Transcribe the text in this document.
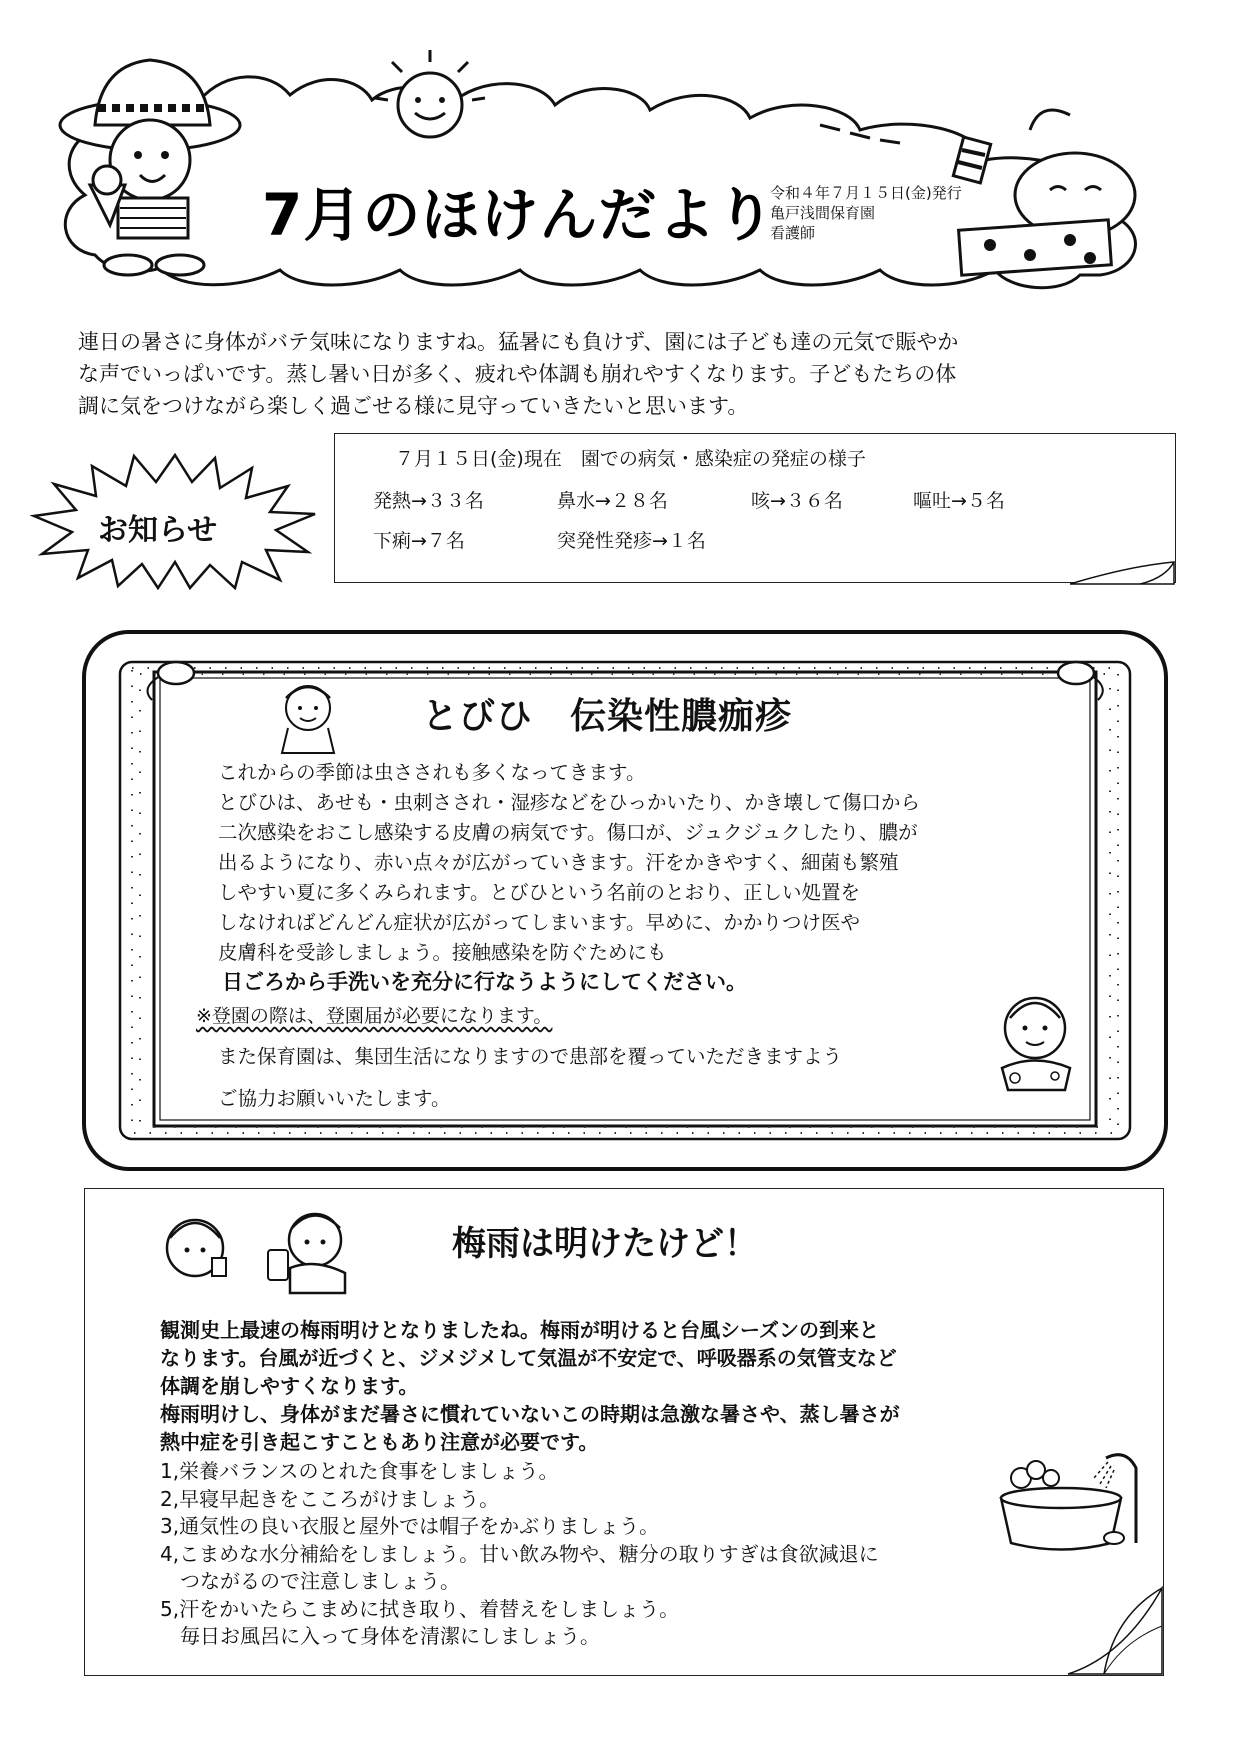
7月のほけんだより
令和４年７月１５日(金)発行
亀戸浅間保育園
看護師
連日の暑さに身体がバテ気味になりますね。猛暑にも負けず、園には子ども達の元気で賑やか
な声でいっぱいです。蒸し暑い日が多く、疲れや体調も崩れやすくなります。子どもたちの体
調に気をつけながら楽しく過ごせる様に見守っていきたいと思います。
お知らせ
７月１５日(金)現在　園での病気・感染症の発症の様子
発熱→３３名	鼻水→２８名	咳→３６名	嘔吐→５名
下痢→７名	突発性発疹→１名
とびひ　伝染性膿痂疹
これからの季節は虫さされも多くなってきます。
とびひは、あせも・虫刺さされ・湿疹などをひっかいたり、かき壊して傷口から
二次感染をおこし感染する皮膚の病気です。傷口が、ジュクジュクしたり、膿が
出るようになり、赤い点々が広がっていきます。汗をかきやすく、細菌も繁殖
しやすい夏に多くみられます。とびひという名前のとおり、正しい処置を
しなければどんどん症状が広がってしまいます。早めに、かかりつけ医や
皮膚科を受診しましょう。接触感染を防ぐためにも
日ごろから手洗いを充分に行なうようにしてください。
※登園の際は、登園届が必要になります。
また保育園は、集団生活になりますので患部を覆っていただきますよう
ご協力お願いいたします。
梅雨は明けたけど！
観測史上最速の梅雨明けとなりましたね。梅雨が明けると台風シーズンの到来と
なります。台風が近づくと、ジメジメして気温が不安定で、呼吸器系の気管支など
体調を崩しやすくなります。
梅雨明けし、身体がまだ暑さに慣れていないこの時期は急激な暑さや、蒸し暑さが
熱中症を引き起こすこともあり注意が必要です。
1,栄養バランスのとれた食事をしましょう。
2,早寝早起きをこころがけましょう。
3,通気性の良い衣服と屋外では帽子をかぶりましょう。
4,こまめな水分補給をしましょう。甘い飲み物や、糖分の取りすぎは食欲減退に
　つながるので注意しましょう。
5,汗をかいたらこまめに拭き取り、着替えをしましょう。
　毎日お風呂に入って身体を清潔にしましょう。
